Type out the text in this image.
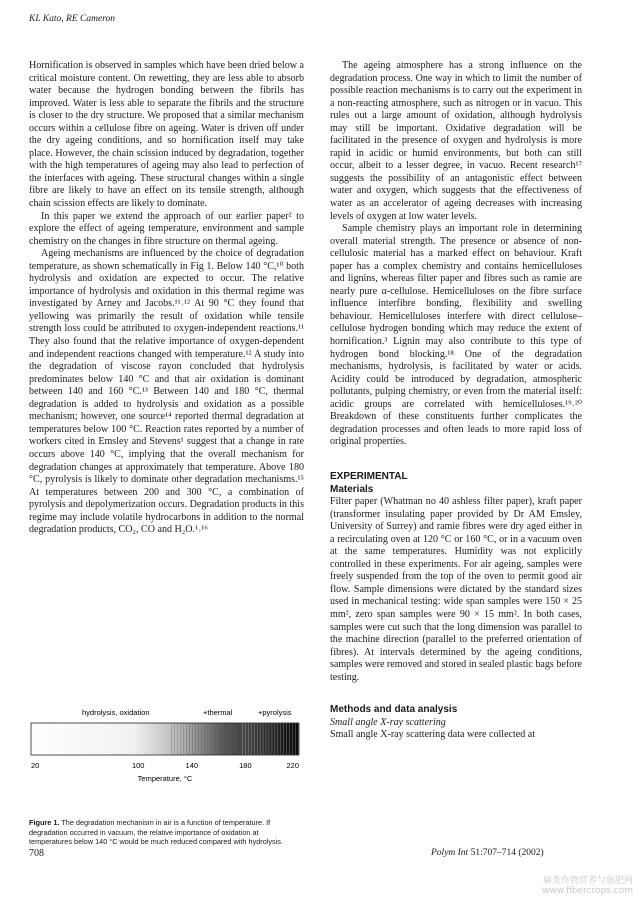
KL Kato, RE Cameron

Hornification is observed in samples which have been dried below a critical moisture content. On rewetting, they are less able to absorb water because the hydrogen bonding between the fibrils has improved. Water is less able to separate the fibrils and the structure is closer to the dry structure. We proposed that a similar mechanism occurs within a cellulose fibre on ageing. Water is driven off under the dry ageing conditions, and so hornification itself may take place. However, the chain scission induced by degradation, together with the high temperatures of ageing may also lead to perfection of the interfaces with ageing. These structural changes within a single fibre are likely to have an effect on its tensile strength, although chain scission effects are likely to dominate.

In this paper we extend the approach of our earlier paper² to explore the effect of ageing temperature, environment and sample chemistry on the changes in fibre structure on thermal ageing.

Ageing mechanisms are influenced by the choice of degradation temperature, as shown schematically in Fig 1. Below 140 °C,¹⁰ both hydrolysis and oxidation are expected to occur. The relative importance of hydrolysis and oxidation in this thermal regime was investigated by Arney and Jacobs.¹¹˒¹² At 90 °C they found that yellowing was primarily the result of oxidation while tensile strength loss could be attributed to oxygen-independent reactions.¹¹ They also found that the relative importance of oxygen-dependent and independent reactions changed with temperature.¹² A study into the degradation of viscose rayon concluded that hydrolysis predominates below 140 °C and that air oxidation is dominant between 140 and 160 °C.¹³ Between 140 and 180 °C, thermal degradation is added to hydrolysis and oxidation as a possible mechanism; however, one source¹⁴ reported thermal degradation at temperatures below 100 °C. Reaction rates reported by a number of workers cited in Emsley and Stevens¹ suggest that a change in rate occurs above 140 °C, implying that the overall mechanism for degradation changes at approximately that temperature. Above 180 °C, pyrolysis is likely to dominate other degradation mechanisms.¹⁵ At temperatures between 200 and 300 °C, a combination of pyrolysis and depolymerization occurs. Degradation products in this regime may include volatile hydrocarbons in addition to the normal degradation products, CO₂, CO and H₂O.¹˒¹⁶

The ageing atmosphere has a strong influence on the degradation process. One way in which to limit the number of possible reaction mechanisms is to carry out the experiment in a non-reacting atmosphere, such as nitrogen or in vacuo. This rules out a large amount of oxidation, although hydrolysis may still be important. Oxidative degradation will be facilitated in the presence of oxygen and hydrolysis is more rapid in acidic or humid environments, but both can still occur, albeit to a lesser degree, in vacuo. Recent research¹⁷ suggests the possibility of an antagonistic effect between water and oxygen, which suggests that the effectiveness of water as an accelerator of ageing decreases with increasing levels of oxygen at low water levels.

Sample chemistry plays an important role in determining overall material strength. The presence or absence of non-cellulosic material has a marked effect on behaviour. Kraft paper has a complex chemistry and contains hemicelluloses and lignins, whereas filter paper and fibres such as ramie are nearly pure α-cellulose. Hemicelluloses on the fibre surface influence interfibre bonding, flexibility and swelling behaviour. Hemicelluloses interfere with direct cellulose–cellulose hydrogen bonding which may reduce the extent of hornification.³ Lignin may also contribute to this type of hydrogen bond blocking.¹⁸ One of the degradation mechanisms, hydrolysis, is facilitated by water or acids. Acidity could be introduced by degradation, atmospheric pollutants, pulping chemistry, or even from the material itself: acidic groups are correlated with hemicelluloses.¹⁹˒²⁰ Breakdown of these constituents further complicates the degradation processes and often leads to more rapid loss of original properties.

EXPERIMENTAL
Materials

Filter paper (Whatman no 40 ashless filter paper), kraft paper (transformer insulating paper provided by Dr AM Emsley, University of Surrey) and ramie fibres were dry aged either in a recirculating oven at 120 °C or 160 °C, or in a vacuum oven at the same temperatures. Humidity was not explicitly controlled in these experiments. For air ageing, samples were freely suspended from the top of the oven to permit good air flow. Sample dimensions were dictated by the standard sizes used in mechanical testing: wide span samples were 150 × 25 mm², zero span samples were 90 × 15 mm². In both cases, samples were cut such that the long dimension was parallel to the machine direction (parallel to the preferred orientation of fibres). At intervals determined by the ageing conditions, samples were removed and stored in sealed plastic bags before testing.

Methods and data analysis
Small angle X-ray scattering

Small angle X-ray scattering data were collected at

hydrolysis, oxidation	+thermal	+pyrolysis
20	100	140	180	220
Temperature, °C
Figure 1. The degradation mechanism in air is a function of temperature. If degradation occurred in vacuum, the relative importance of oxidation at temperatures below 140 °C would be much reduced compared with hydrolysis.
708	Polym Int 51:707–714 (2002)
麻类作物营养与施肥网
www.fibercrops.com
